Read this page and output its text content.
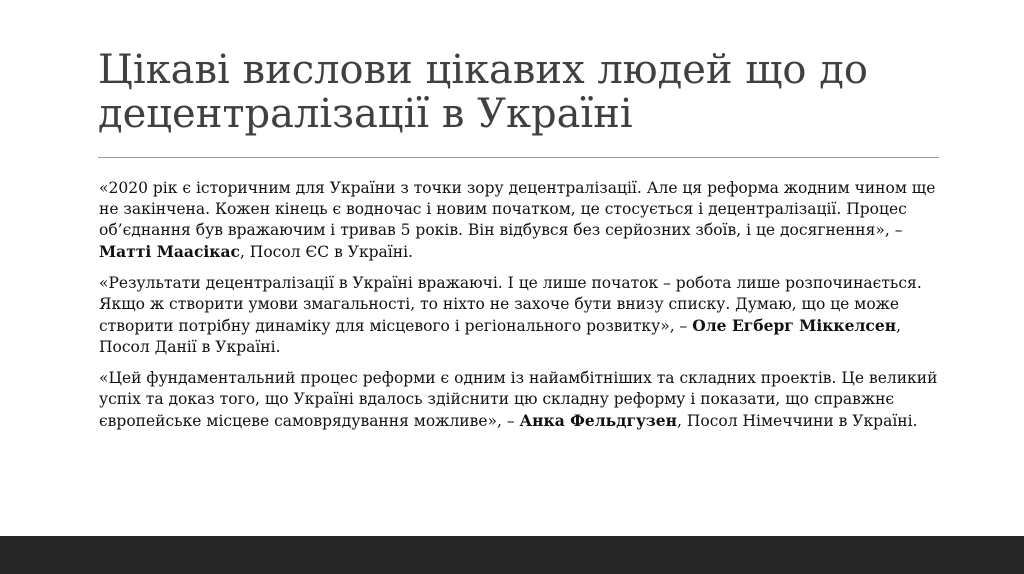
Цікаві вислови цікавих людей що до децентралізації в Україні

«2020 рік є історичним для України з точки зору децентралізації. Але ця реформа жодним чином ще не закінчена. Кожен кінець є водночас і новим початком, це стосується і децентралізації. Процес об’єднання був вражаючим і тривав 5 років. Він відбувся без серйозних збоїв, і це досягнення», – Матті Маасікас, Посол ЄС в Україні.

«Результати децентралізації в Україні вражаючі. І це лише початок – робота лише розпочинається. Якщо ж створити умови змагальності, то ніхто не захоче бути внизу списку. Думаю, що це може створити потрібну динаміку для місцевого і регіонального розвитку», – Оле Егберг Міккелсен, Посол Данії в Україні.

«Цей фундаментальний процес реформи є одним із найамбітніших та складних проектів. Це великий успіх та доказ того, що Україні вдалось здійснити цю складну реформу і показати, що справжнє європейське місцеве самоврядування можливе», – Анка Фельдгузен, Посол Німеччини в Україні.
